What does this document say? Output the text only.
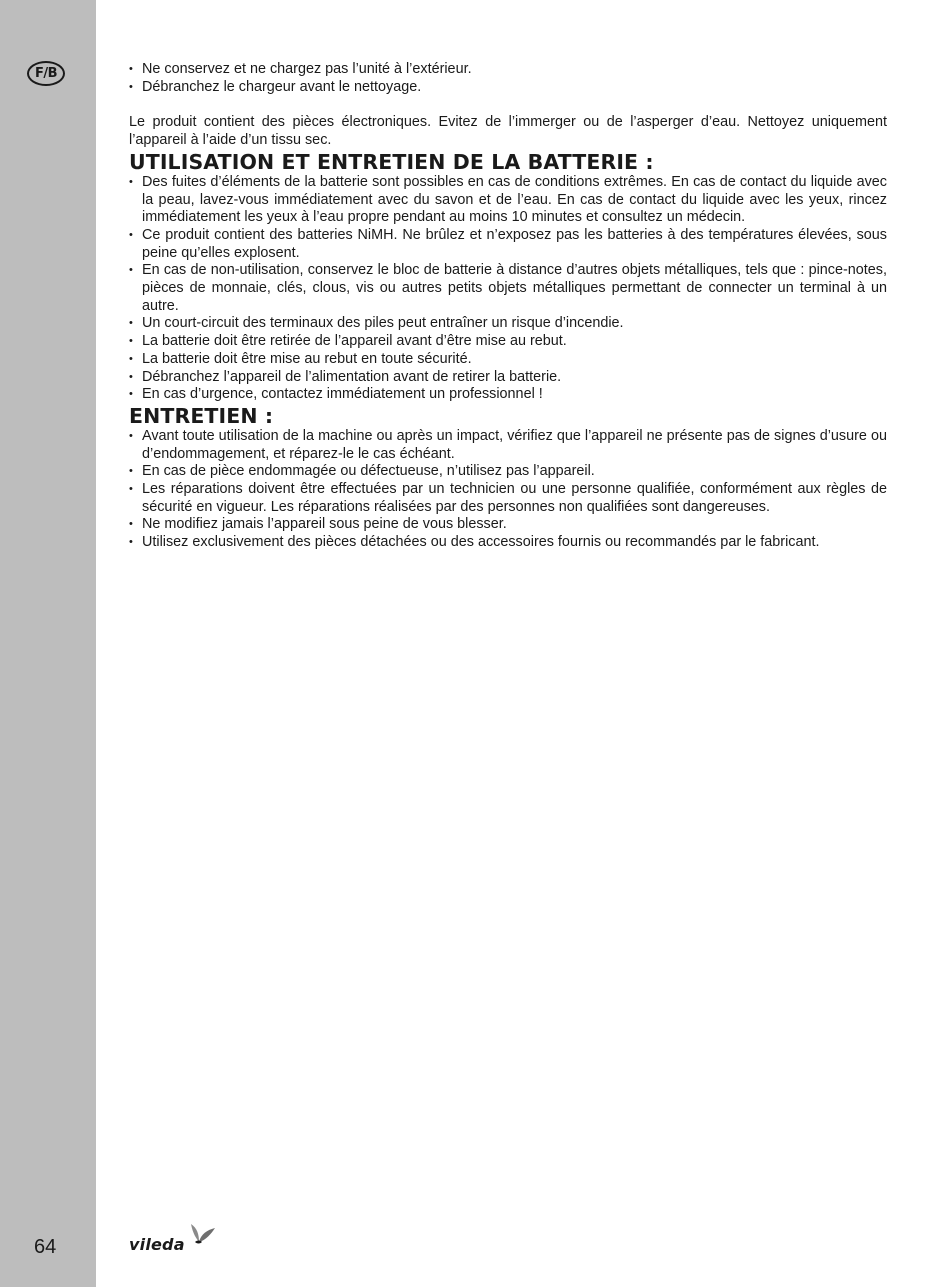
F/B
64
• Ne conservez et ne chargez pas l’unité à l’extérieur.
• Débranchez le chargeur avant le nettoyage.

Le produit contient des pièces électroniques. Evitez de l’immerger ou de l’asperger d’eau. Nettoyez uniquement l’appareil à l’aide d’un tissu sec.

UTILISATION ET ENTRETIEN DE LA BATTERIE :
• Des fuites d’éléments de la batterie sont possibles en cas de conditions extrêmes. En cas de contact du liquide avec la peau, lavez-vous immédiatement avec du savon et de l’eau. En cas de contact du liquide avec les yeux, rincez immédiatement les yeux à l’eau propre pendant au moins 10 minutes et consultez un médecin.
• Ce produit contient des batteries NiMH. Ne brûlez et n’exposez pas les batteries à des températures élevées, sous peine qu’elles explosent.
• En cas de non-utilisation, conservez le bloc de batterie à distance d’autres objets métalliques, tels que : pince-notes, pièces de monnaie, clés, clous, vis ou autres petits objets métalliques permettant de connecter un terminal à un autre.
• Un court-circuit des terminaux des piles peut entraîner un risque d’incendie.
• La batterie doit être retirée de l’appareil avant d’être mise au rebut.
• La batterie doit être mise au rebut en toute sécurité.
• Débranchez l’appareil de l’alimentation avant de retirer la batterie.
• En cas d’urgence, contactez immédiatement un professionnel !
ENTRETIEN :
• Avant toute utilisation de la machine ou après un impact, vérifiez que l’appareil ne présente pas de signes d’usure ou d’endommagement, et réparez-le le cas échéant.
• En cas de pièce endommagée ou défectueuse, n’utilisez pas l’appareil.
• Les réparations doivent être effectuées par un technicien ou une personne qualifiée, conformément aux règles de sécurité en vigueur. Les réparations réalisées par des personnes non qualifiées sont dangereuses.
• Ne modifiez jamais l’appareil sous peine de vous blesser.
• Utilisez exclusivement des pièces détachées ou des accessoires fournis ou recommandés par le fabricant.
vileda
